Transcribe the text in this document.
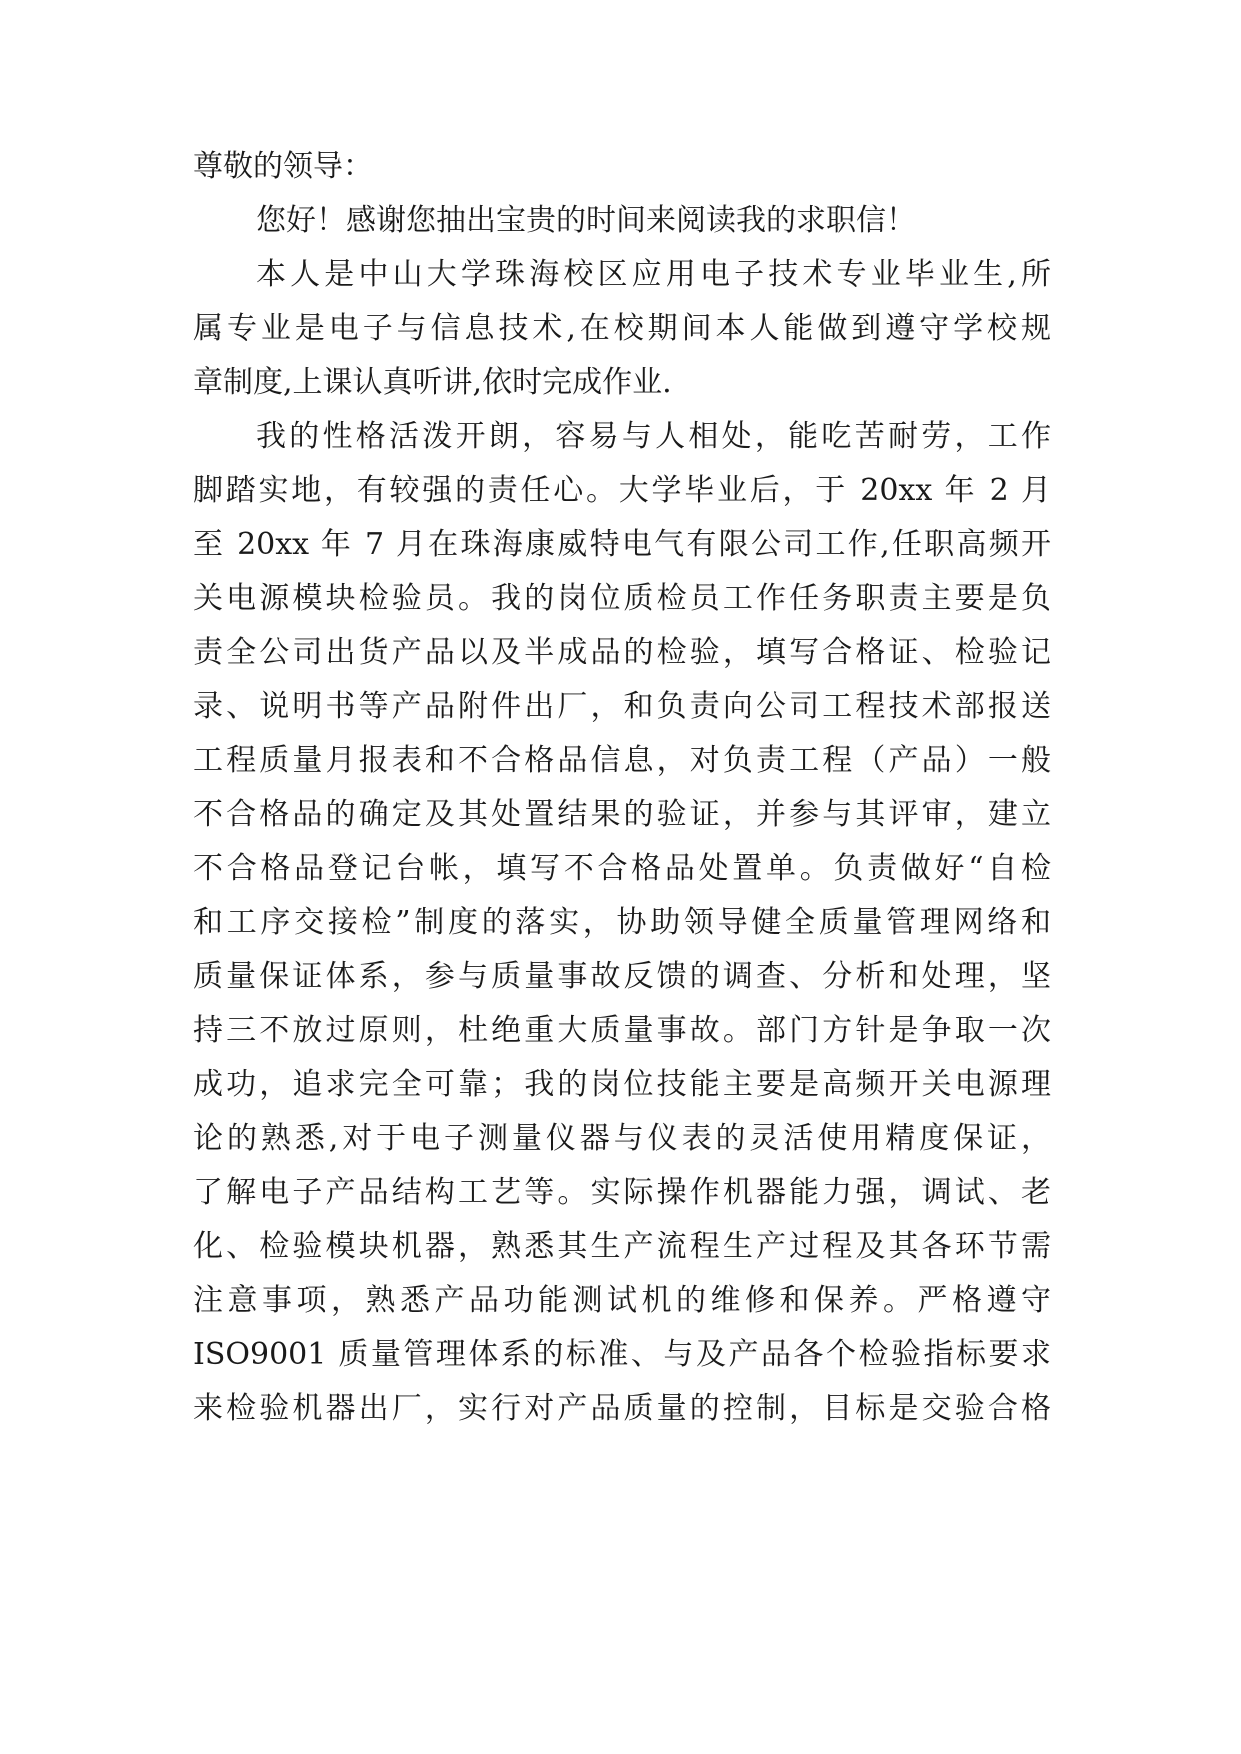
尊敬的领导：

您好！感谢您抽出宝贵的时间来阅读我的求职信！

本人是中山大学珠海校区应用电子技术专业毕业生,所

属专业是电子与信息技术,在校期间本人能做到遵守学校规

章制度,上课认真听讲,依时完成作业.

我的性格活泼开朗，容易与人相处，能吃苦耐劳，工作

脚踏实地，有较强的责任心。大学毕业后，于 20xx 年 2 月

至 20xx 年 7 月在珠海康威特电气有限公司工作,任职高频开

关电源模块检验员。我的岗位质检员工作任务职责主要是负

责全公司出货产品以及半成品的检验，填写合格证、检验记

录、说明书等产品附件出厂，和负责向公司工程技术部报送

工程质量月报表和不合格品信息，对负责工程（产品）一般

不合格品的确定及其处置结果的验证，并参与其评审，建立

不合格品登记台帐，填写不合格品处置单。负责做好“自检

和工序交接检”制度的落实，协助领导健全质量管理网络和

质量保证体系，参与质量事故反馈的调查、分析和处理，坚

持三不放过原则，杜绝重大质量事故。部门方针是争取一次

成功，追求完全可靠；我的岗位技能主要是高频开关电源理

论的熟悉,对于电子测量仪器与仪表的灵活使用精度保证，

了解电子产品结构工艺等。实际操作机器能力强，调试、老

化、检验模块机器，熟悉其生产流程生产过程及其各环节需

注意事项，熟悉产品功能测试机的维修和保养。严格遵守

ISO9001 质量管理体系的标准、与及产品各个检验指标要求

来检验机器出厂，实行对产品质量的控制，目标是交验合格
